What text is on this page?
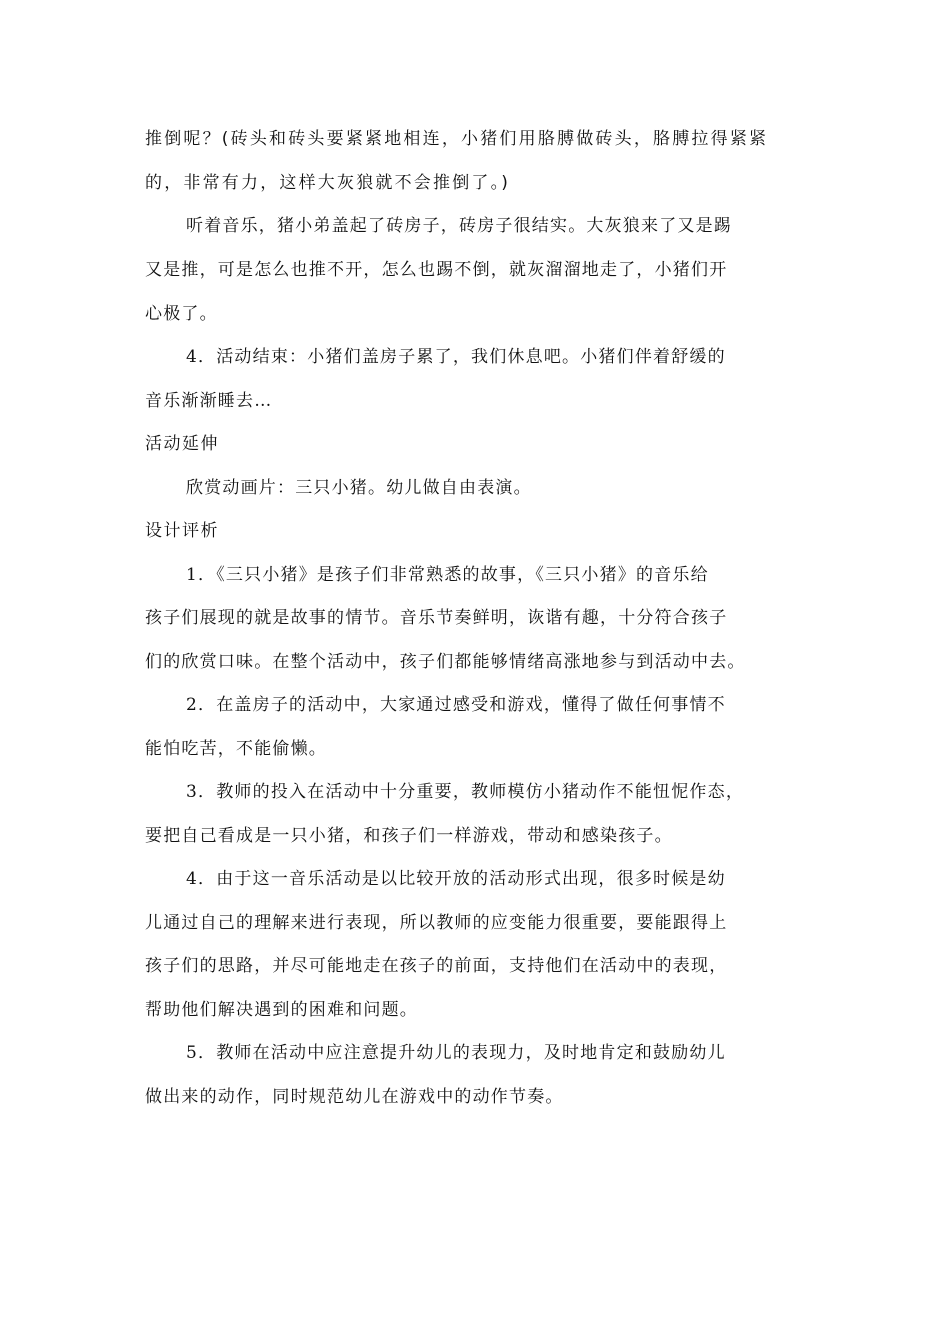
推倒呢？(砖头和砖头要紧紧地相连，小猪们用胳膊做砖头，胳膊拉得紧紧
的，非常有力，这样大灰狼就不会推倒了。)
听着音乐，猪小弟盖起了砖房子，砖房子很结实。大灰狼来了又是踢
又是推，可是怎么也推不开，怎么也踢不倒，就灰溜溜地走了，小猪们开
心极了。
4．活动结束：小猪们盖房子累了，我们休息吧。小猪们伴着舒缓的
音乐渐渐睡去…
活动延伸
欣赏动画片：三只小猪。幼儿做自由表演。
设计评析
1．《三只小猪》是孩子们非常熟悉的故事，《三只小猪》的音乐给
孩子们展现的就是故事的情节。音乐节奏鲜明，诙谐有趣，十分符合孩子
们的欣赏口味。在整个活动中，孩子们都能够情绪高涨地参与到活动中去。
2．在盖房子的活动中，大家通过感受和游戏，懂得了做任何事情不
能怕吃苦，不能偷懒。
3．教师的投入在活动中十分重要，教师模仿小猪动作不能忸怩作态，
要把自己看成是一只小猪，和孩子们一样游戏，带动和感染孩子。
4．由于这一音乐活动是以比较开放的活动形式出现，很多时候是幼
儿通过自己的理解来进行表现，所以教师的应变能力很重要，要能跟得上
孩子们的思路，并尽可能地走在孩子的前面，支持他们在活动中的表现，
帮助他们解决遇到的困难和问题。
5．教师在活动中应注意提升幼儿的表现力，及时地肯定和鼓励幼儿
做出来的动作，同时规范幼儿在游戏中的动作节奏。
